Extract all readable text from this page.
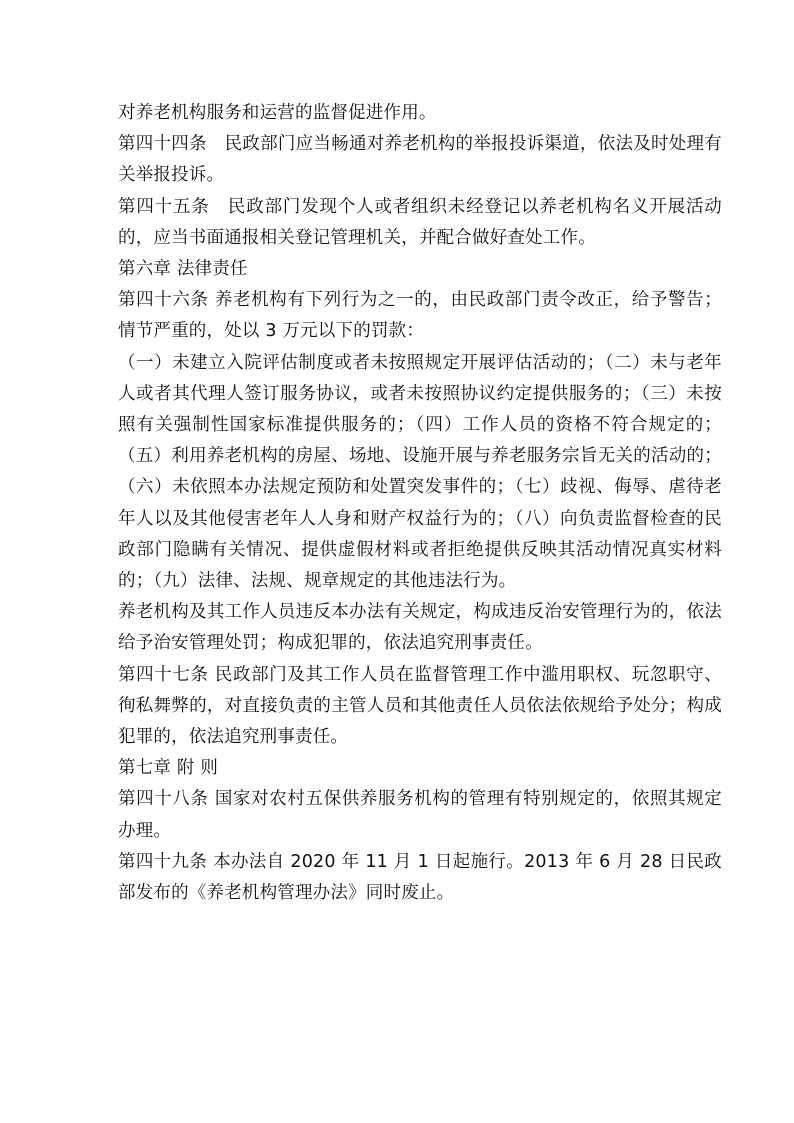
对养老机构服务和运营的监督促进作用。

第四十四条　民政部门应当畅通对养老机构的举报投诉渠道，依法及时处理有关举报投诉。

第四十五条　民政部门发现个人或者组织未经登记以养老机构名义开展活动的，应当书面通报相关登记管理机关，并配合做好查处工作。

第六章 法律责任

第四十六条 养老机构有下列行为之一的，由民政部门责令改正，给予警告；情节严重的，处以 3 万元以下的罚款：

（一）未建立入院评估制度或者未按照规定开展评估活动的；（二）未与老年人或者其代理人签订服务协议，或者未按照协议约定提供服务的；（三）未按照有关强制性国家标准提供服务的；（四）工作人员的资格不符合规定的；（五）利用养老机构的房屋、场地、设施开展与养老服务宗旨无关的活动的；（六）未依照本办法规定预防和处置突发事件的；（七）歧视、侮辱、虐待老年人以及其他侵害老年人人身和财产权益行为的；（八）向负责监督检查的民政部门隐瞒有关情况、提供虚假材料或者拒绝提供反映其活动情况真实材料的；（九）法律、法规、规章规定的其他违法行为。

养老机构及其工作人员违反本办法有关规定，构成违反治安管理行为的，依法给予治安管理处罚；构成犯罪的，依法追究刑事责任。

第四十七条 民政部门及其工作人员在监督管理工作中滥用职权、玩忽职守、徇私舞弊的，对直接负责的主管人员和其他责任人员依法依规给予处分；构成犯罪的，依法追究刑事责任。

第七章 附 则

第四十八条 国家对农村五保供养服务机构的管理有特别规定的，依照其规定办理。

第四十九条 本办法自 2020 年 11 月 1 日起施行。2013 年 6 月 28 日民政部发布的《养老机构管理办法》同时废止。
